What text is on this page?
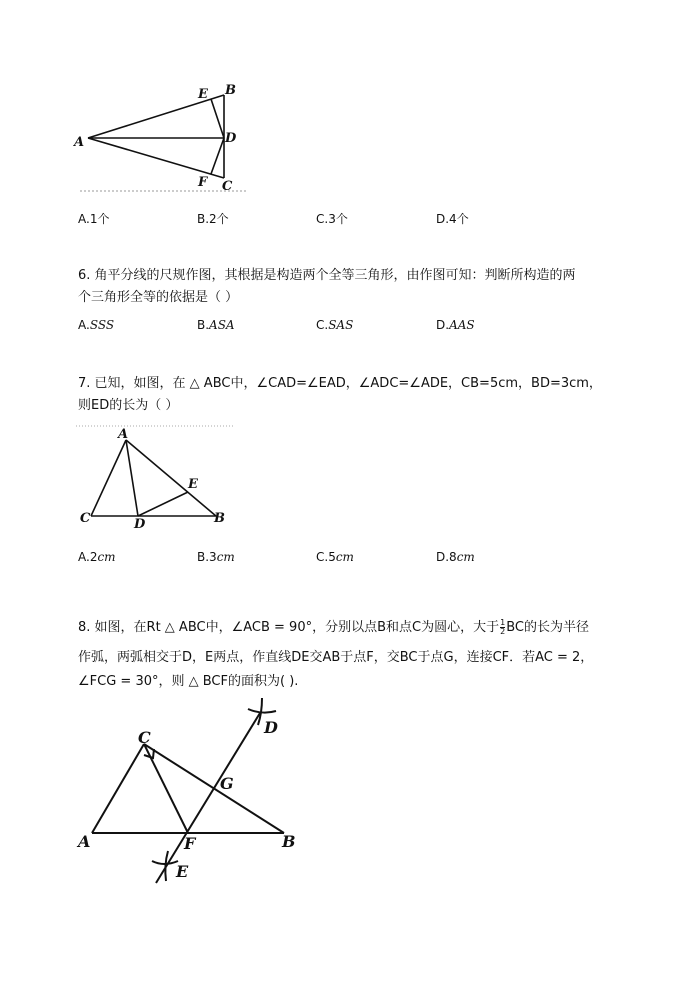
A
B
C
D
E
F
A.1个	B.2个	C.3个	D.4个
6. 角平分线的尺规作图，其根据是构造两个全等三角形，由作图可知：判断所构造的两
个三角形全等的依据是（ ）
A.SSS	B.ASA	C.SAS	D.AAS
7. 已知，如图，在 △ ABC中，∠CAD=∠EAD，∠ADC=∠ADE，CB=5cm，BD=3cm，
则ED的长为（ ）
A
C	D	B
E
A.2cm	B.3cm	C.5cm	D.8cm
8. 如图，在Rt △ ABC中，∠ACB = 90°，分别以点B和点C为圆心，大于 $\frac{1}{2}$ BC的长为半径
作弧，两弧相交于D，E两点，作直线DE交AB于点F，交BC于点G，连接CF．若AC = 2，
∠FCG = 30°，则 △ BCF的面积为( ).
A	B
C
D
E
F
G
